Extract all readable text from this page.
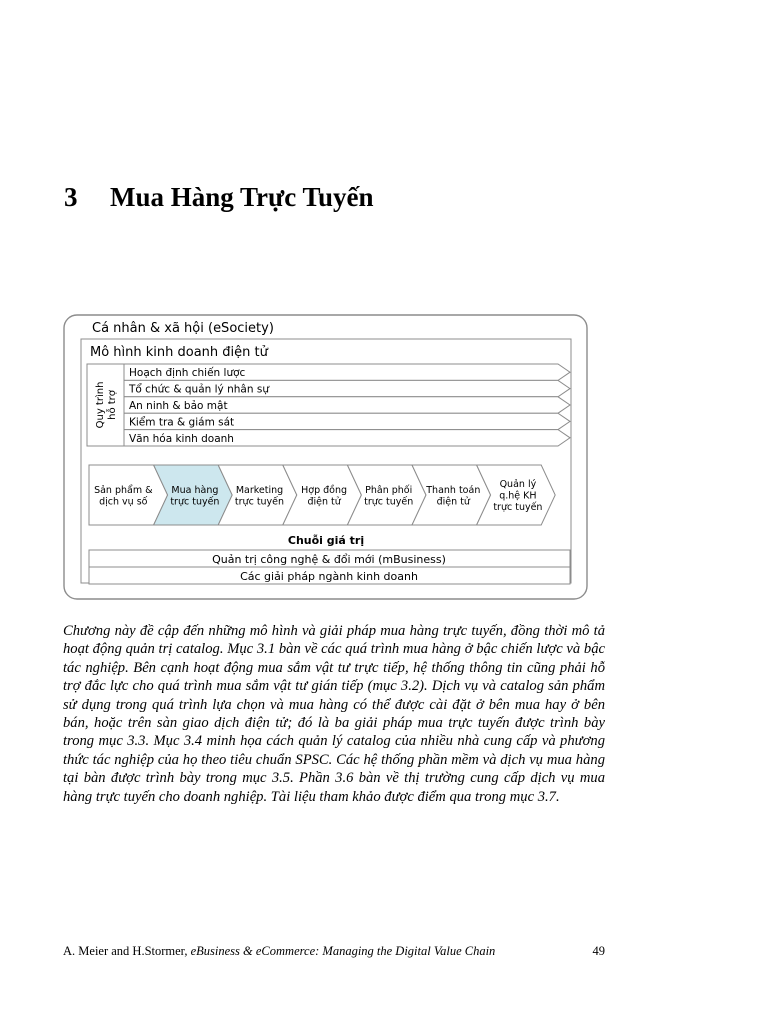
3 Mua Hàng Trực Tuyến
Cá nhân & xã hội (eSociety)
Mô hình kinh doanh điện tử
Quy trình hỗ trợ
Hoạch định chiến lược
Tổ chức & quản lý nhân sự
An ninh & bảo mật
Kiểm tra & giám sát
Văn hóa kinh doanh
Sản phẩm &
dịch vụ số
Mua hàng
trực tuyến
Marketing
trực tuyến
Hợp đồng
điện tử
Phân phối
trực tuyến
Thanh toán
điện tử
Quản lý
q.hệ KH
trực tuyến
Chuỗi giá trị
Quản trị công nghệ & đổi mới (mBusiness)
Các giải pháp ngành kinh doanh

Chương này đề cập đến những mô hình và giải pháp mua hàng trực tuyến, đồng thời mô tả hoạt động quản trị catalog. Mục 3.1 bàn về các quá trình mua hàng ở bậc chiến lược và bậc tác nghiệp. Bên cạnh hoạt động mua sắm vật tư trực tiếp, hệ thống thông tin cũng phải hỗ trợ đắc lực cho quá trình mua sắm vật tư gián tiếp (mục 3.2). Dịch vụ và catalog sản phẩm sử dụng trong quá trình lựa chọn và mua hàng có thể được cài đặt ở bên mua hay ở bên bán, hoặc trên sàn giao dịch điện tử; đó là ba giải pháp mua trực tuyến được trình bày trong mục 3.3. Mục 3.4 minh họa cách quản lý catalog của nhiều nhà cung cấp và phương thức tác nghiệp của họ theo tiêu chuẩn SPSC. Các hệ thống phần mềm và dịch vụ mua hàng tại bàn được trình bày trong mục 3.5. Phần 3.6 bàn về thị trường cung cấp dịch vụ mua hàng trực tuyến cho doanh nghiệp. Tài liệu tham khảo được điểm qua trong mục 3.7.

A. Meier and H.Stormer, eBusiness & eCommerce: Managing the Digital Value Chain	49
